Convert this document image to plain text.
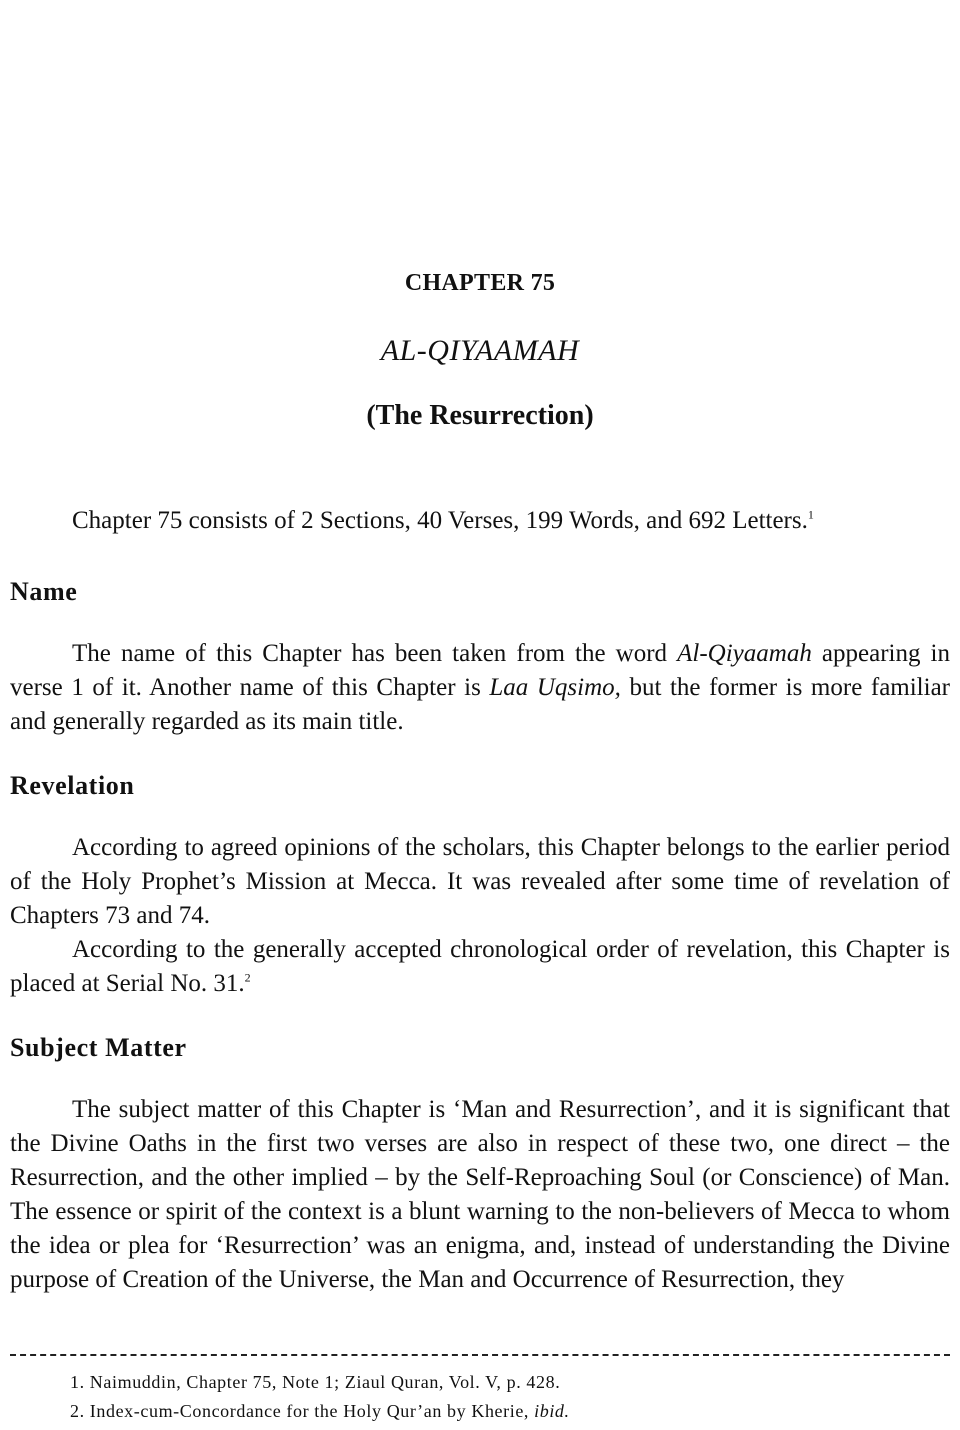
CHAPTER 75
AL-QIYAAMAH
(The Resurrection)

Chapter 75 consists of 2 Sections, 40 Verses, 199 Words, and 692 Letters.$^1$

Name

The name of this Chapter has been taken from the word Al-Qiyaamah appearing in verse 1 of it. Another name of this Chapter is Laa Uqsimo, but the former is more familiar and generally regarded as its main title.

Revelation

According to agreed opinions of the scholars, this Chapter belongs to the earlier period of the Holy Prophet’s Mission at Mecca. It was revealed after some time of revelation of Chapters 73 and 74.

According to the generally accepted chronological order of revelation, this Chapter is placed at Serial No. 31.$^2$

Subject Matter

The subject matter of this Chapter is ‘Man and Resurrection’, and it is significant that the Divine Oaths in the first two verses are also in respect of these two, one direct – the Resurrection, and the other implied – by the Self-Reproaching Soul (or Conscience) of Man. The essence or spirit of the context is a blunt warning to the non-believers of Mecca to whom the idea or plea for ‘Resurrection’ was an enigma, and, instead of understanding the Divine purpose of Creation of the Universe, the Man and Occurrence of Resurrection, they

1. Naimuddin, Chapter 75, Note 1; Ziaul Quran, Vol. V, p. 428.
2. Index-cum-Concordance for the Holy Qur’an by Kherie, ibid.
